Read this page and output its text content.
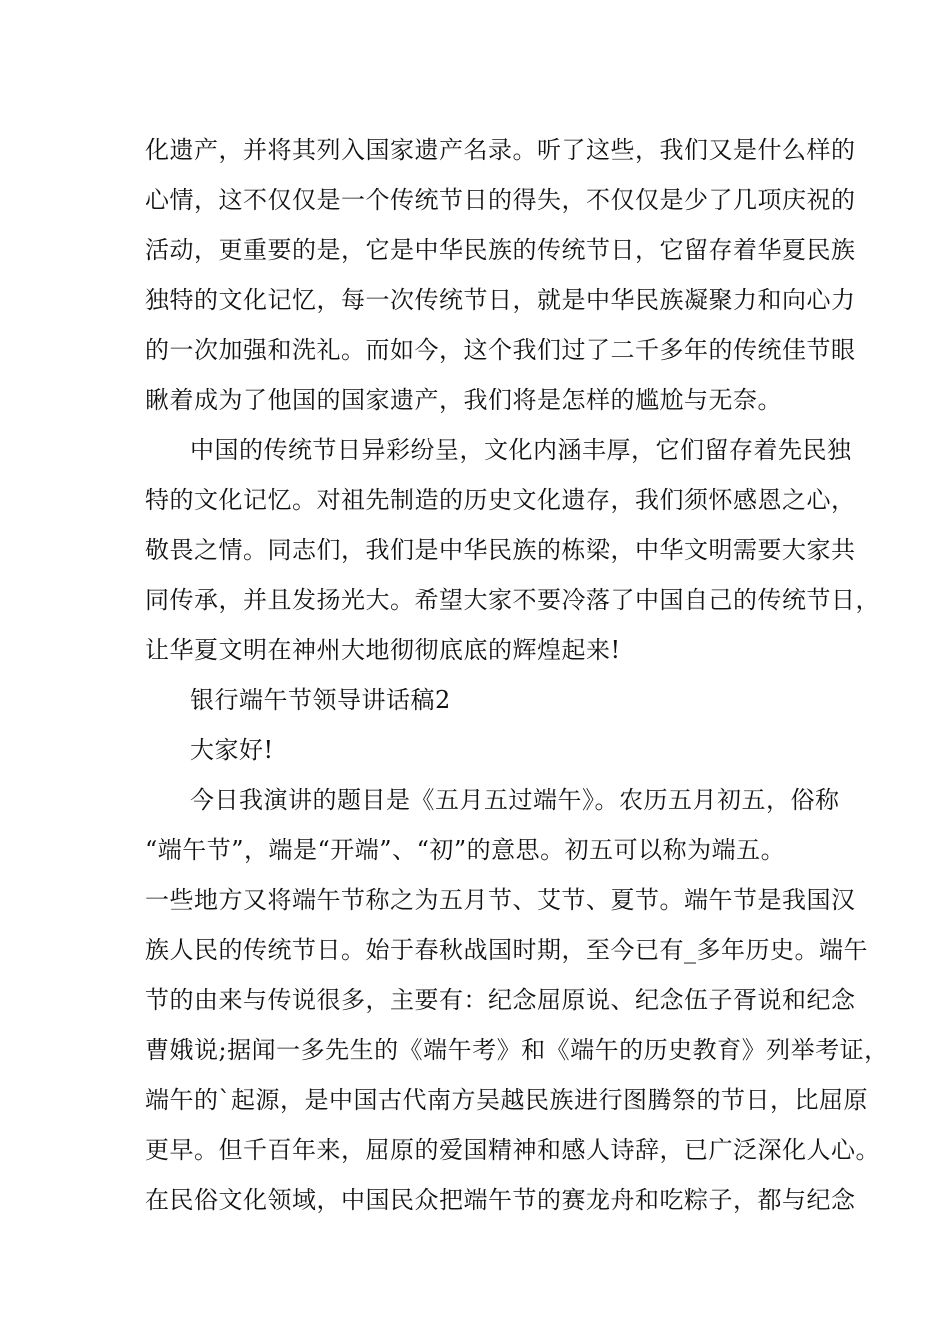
化遗产，并将其列入国家遗产名录。听了这些，我们又是什么样的
心情，这不仅仅是一个传统节日的得失，不仅仅是少了几项庆祝的
活动，更重要的是，它是中华民族的传统节日，它留存着华夏民族
独特的文化记忆，每一次传统节日，就是中华民族凝聚力和向心力
的一次加强和洗礼。而如今，这个我们过了二千多年的传统佳节眼
瞅着成为了他国的国家遗产，我们将是怎样的尴尬与无奈。
中国的传统节日异彩纷呈，文化内涵丰厚，它们留存着先民独
特的文化记忆。对祖先制造的历史文化遗存，我们须怀感恩之心，
敬畏之情。同志们，我们是中华民族的栋梁，中华文明需要大家共
同传承，并且发扬光大。希望大家不要冷落了中国自己的传统节日，
让华夏文明在神州大地彻彻底底的辉煌起来!
银行端午节领导讲话稿2
大家好!
今日我演讲的题目是《五月五过端午》。农历五月初五，俗称
“端午节”，端是“开端”、“初”的意思。初五可以称为端五。
一些地方又将端午节称之为五月节、艾节、夏节。端午节是我国汉
族人民的传统节日。始于春秋战国时期，至今已有_多年历史。端午
节的由来与传说很多，主要有：纪念屈原说、纪念伍子胥说和纪念
曹娥说;据闻一多先生的《端午考》和《端午的历史教育》列举考证，
端午的`起源，是中国古代南方吴越民族进行图腾祭的节日，比屈原
更早。但千百年来，屈原的爱国精神和感人诗辞，已广泛深化人心。
在民俗文化领域，中国民众把端午节的赛龙舟和吃粽子，都与纪念
